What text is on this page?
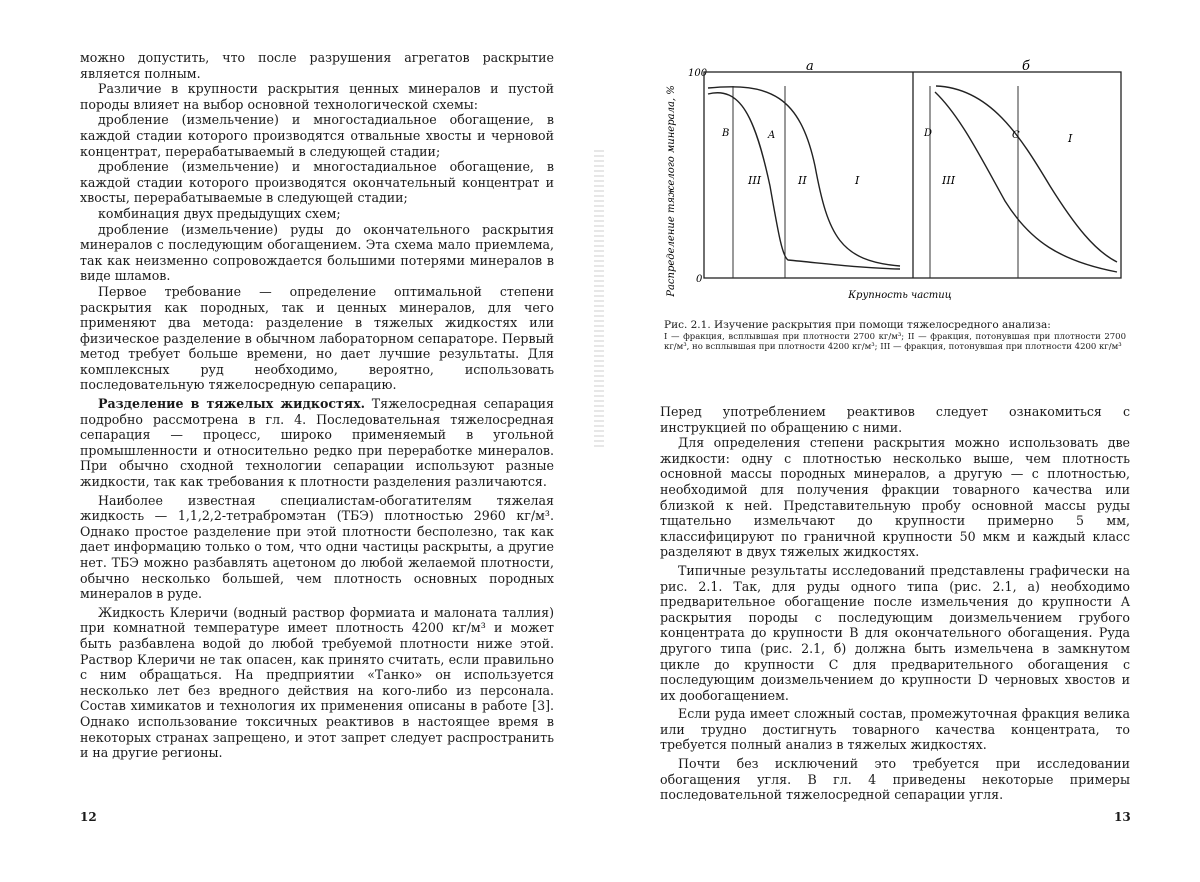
можно допустить, что после разрушения агрегатов раскрытие является полным.

Различие в крупности раскрытия ценных минералов и пустой породы влияет на выбор основной технологической схемы:

дробление (измельчение) и многостадиальное обогащение, в каждой стадии которого производятся отвальные хвосты и черновой концентрат, перерабатываемый в следующей стадии;

дробление (измельчение) и многостадиальное обогащение, в каждой стадии которого производятся окончательный концентрат и хвосты, перерабатываемые в следующей стадии;

комбинация двух предыдущих схем;

дробление (измельчение) руды до окончательного раскрытия минералов с последующим обогащением. Эта схема мало приемлема, так как неизменно сопровождается большими потерями минералов в виде шламов.

Первое требование — определение оптимальной степени раскрытия как породных, так и ценных минералов, для чего применяют два метода: разделение в тяжелых жидкостях или физическое разделение в обычном лабораторном сепараторе. Первый метод требует больше времени, но дает лучшие результаты. Для комплексных руд необходимо, вероятно, использовать последовательную тяжелосредную сепарацию.

Разделение в тяжелых жидкостях. Тяжелосредная сепарация подробно рассмотрена в гл. 4. Последовательная тяжелосредная сепарация — процесс, широко применяемый в угольной промышленности и относительно редко при переработке минералов. При обычно сходной технологии сепарации используют разные жидкости, так как требования к плотности разделения различаются.

Наиболее известная специалистам-обогатителям тяжелая жидкость — 1,1,2,2-тетрабромэтан (ТБЭ) плотностью 2960 кг/м³. Однако простое разделение при этой плотности бесполезно, так как дает информацию только о том, что одни частицы раскрыты, а другие нет. ТБЭ можно разбавлять ацетоном до любой желаемой плотности, обычно несколько большей, чем плотность основных породных минералов в руде.

Жидкость Клеричи (водный раствор формиата и малоната таллия) при комнатной температуре имеет плотность 4200 кг/м³ и может быть разбавлена водой до любой требуемой плотности ниже этой. Раствор Клеричи не так опасен, как принято считать, если правильно с ним обращаться. На предприятии «Танко» он используется несколько лет без вредного действия на кого-либо из персонала. Состав химикатов и технология их применения описаны в работе [3]. Однако использование токсичных реактивов в настоящее время в некоторых странах запрещено, и этот запрет следует распространить и на другие регионы.

12
а	б
Распределение тяжелого минерала, %
100
0
B	A
III	II	I
D	C
III
I
Крупность частиц
Рис. 2.1. Изучение раскрытия при помощи тяжелосредного анализа:
I — фракция, всплывшая при плотности 2700 кг/м³; II — фракция, потонувшая при плотности 2700 кг/м³, но всплывшая при плотности 4200 кг/м³; III — фракция, потонувшая при плотности 4200 кг/м³

Перед употреблением реактивов следует ознакомиться с инструкцией по обращению с ними.

Для определения степени раскрытия можно использовать две жидкости: одну с плотностью несколько выше, чем плотность основной массы породных минералов, а другую — с плотностью, необходимой для получения фракции товарного качества или близкой к ней. Представительную пробу основной массы руды тщательно измельчают до крупности примерно 5 мм, классифицируют по граничной крупности 50 мкм и каждый класс разделяют в двух тяжелых жидкостях.

Типичные результаты исследований представлены графически на рис. 2.1. Так, для руды одного типа (рис. 2.1, а) необходимо предварительное обогащение после измельчения до крупности A раскрытия породы с последующим доизмельчением грубого концентрата до крупности B для окончательного обогащения. Руда другого типа (рис. 2.1, б) должна быть измельчена в замкнутом цикле до крупности C для предварительного обогащения с последующим доизмельчением до крупности D черновых хвостов и их дообогащением.

Если руда имеет сложный состав, промежуточная фракция велика или трудно достигнуть товарного качества концентрата, то требуется полный анализ в тяжелых жидкостях.

Почти без исключений это требуется при исследовании обогащения угля. В гл. 4 приведены некоторые примеры последовательной тяжелосредной сепарации угля.

13
